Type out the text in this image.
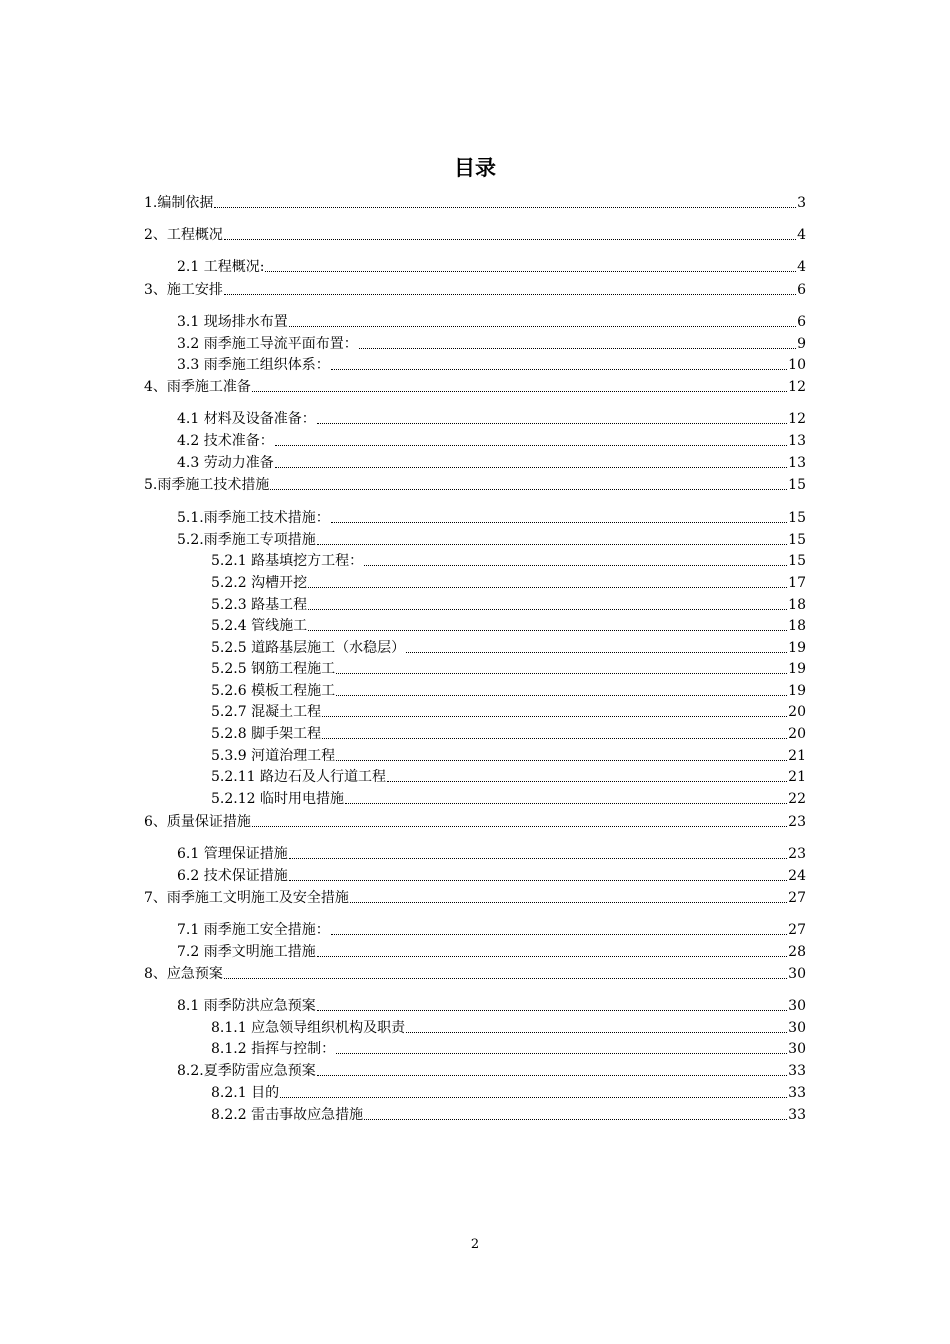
目录
1.编制依据	3
2、工程概况	4
2.1 工程概况:	4
3、施工安排	6
3.1 现场排水布置	6
3.2 雨季施工导流平面布置：	9
3.3 雨季施工组织体系：	10
4、雨季施工准备	12
4.1 材料及设备准备：	12
4.2 技术准备：	13
4.3 劳动力准备	13
5.雨季施工技术措施	15
5.1.雨季施工技术措施：	15
5.2.雨季施工专项措施	15
5.2.1 路基填挖方工程：	15
5.2.2 沟槽开挖	17
5.2.3 路基工程	18
5.2.4 管线施工	18
5.2.5 道路基层施工（水稳层）	19
5.2.5 钢筋工程施工	19
5.2.6 模板工程施工	19
5.2.7 混凝土工程	20
5.2.8 脚手架工程	20
5.3.9 河道治理工程	21
5.2.11 路边石及人行道工程	21
5.2.12 临时用电措施	22
6、质量保证措施	23
6.1 管理保证措施	23
6.2 技术保证措施	24
7、雨季施工文明施工及安全措施	27
7.1 雨季施工安全措施：	27
7.2 雨季文明施工措施	28
8、应急预案	30
8.1 雨季防洪应急预案	30
8.1.1 应急领导组织机构及职责	30
8.1.2 指挥与控制：	30
8.2.夏季防雷应急预案	33
8.2.1 目的	33
8.2.2 雷击事故应急措施	33
2
